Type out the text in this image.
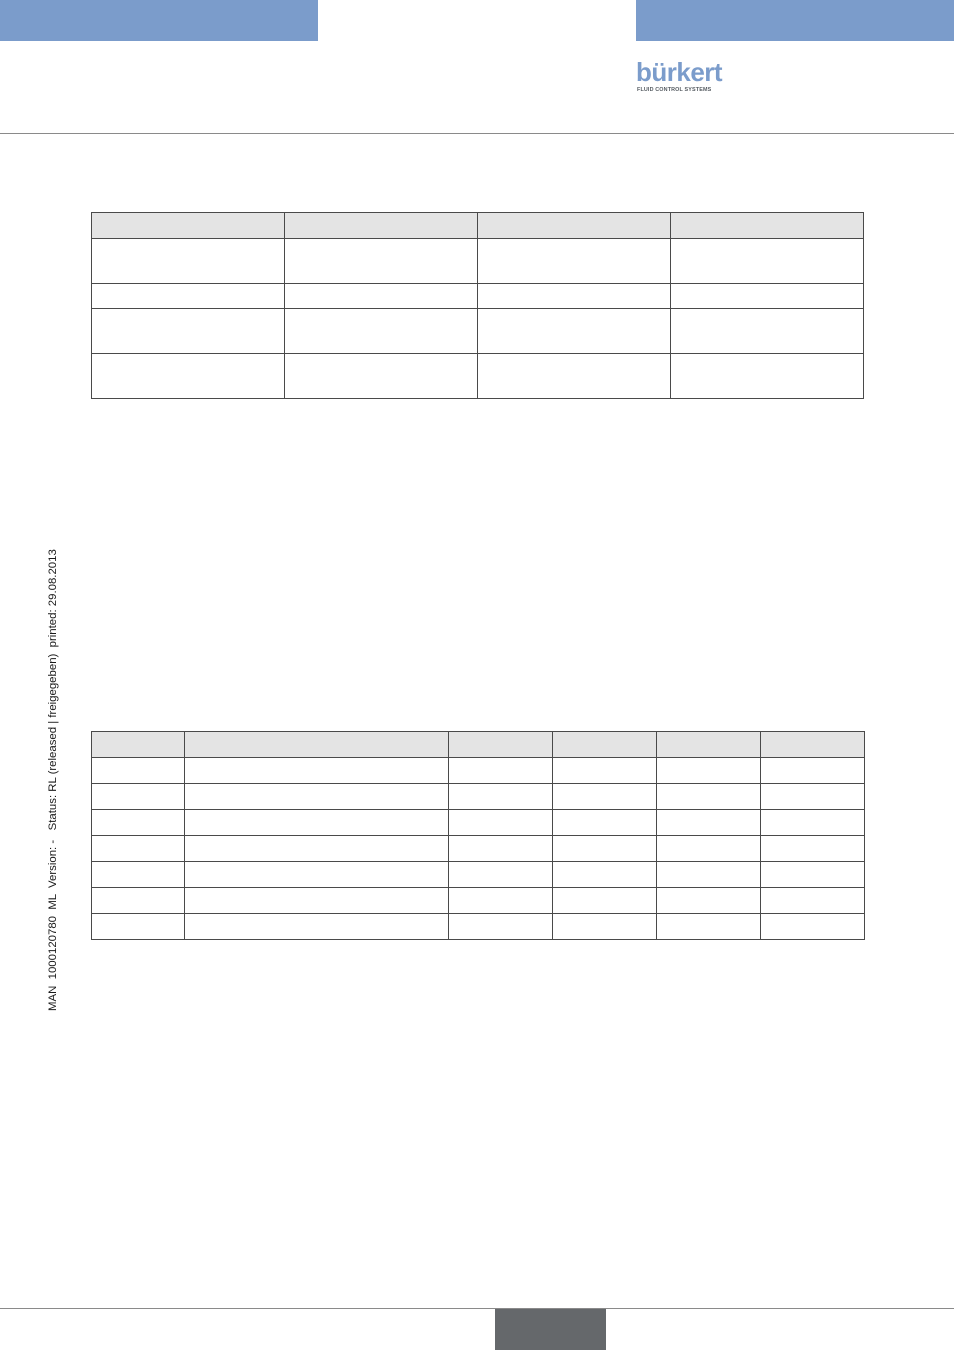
bürkert
FLUID CONTROL SYSTEMS
MAN  1000120780  ML  Version: -   Status: RL (released | freigegeben)  printed: 29.08.2013
